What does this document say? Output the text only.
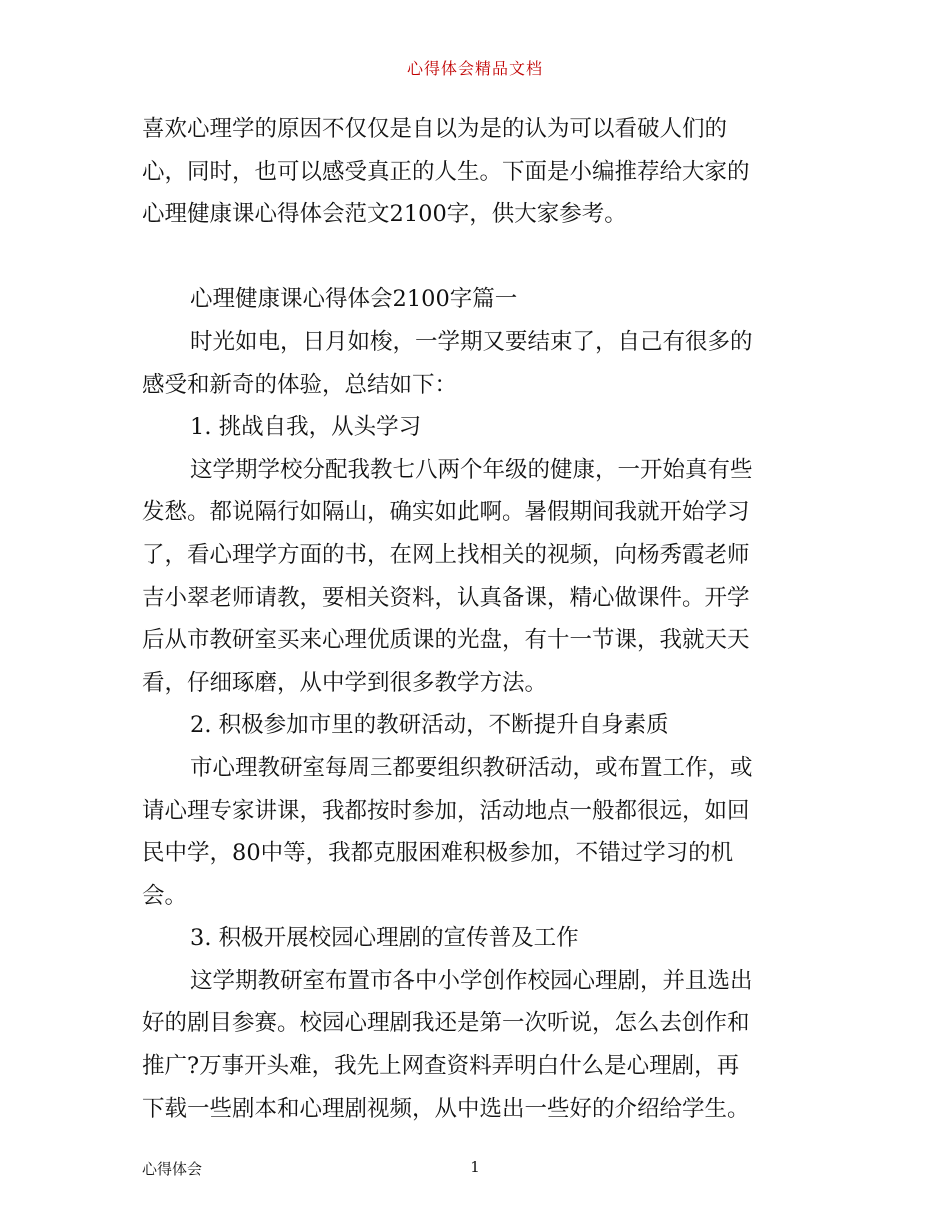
心得体会精品文档
喜欢心理学的原因不仅仅是自以为是的认为可以看破人们的
心，同时，也可以感受真正的人生。下面是小编推荐给大家的
心理健康课心得体会范文2100字，供大家参考。
心理健康课心得体会2100字篇一
时光如电，日月如梭，一学期又要结束了，自己有很多的
感受和新奇的体验，总结如下：
1. 挑战自我，从头学习
这学期学校分配我教七八两个年级的健康，一开始真有些
发愁。都说隔行如隔山，确实如此啊。暑假期间我就开始学习
了，看心理学方面的书，在网上找相关的视频，向杨秀霞老师
吉小翠老师请教，要相关资料，认真备课，精心做课件。开学
后从市教研室买来心理优质课的光盘，有十一节课，我就天天
看，仔细琢磨，从中学到很多教学方法。
2. 积极参加市里的教研活动，不断提升自身素质
市心理教研室每周三都要组织教研活动，或布置工作，或
请心理专家讲课，我都按时参加，活动地点一般都很远，如回
民中学，80中等，我都克服困难积极参加，不错过学习的机
会。
3. 积极开展校园心理剧的宣传普及工作
这学期教研室布置市各中小学创作校园心理剧，并且选出
好的剧目参赛。校园心理剧我还是第一次听说，怎么去创作和
推广?万事开头难，我先上网查资料弄明白什么是心理剧，再
下载一些剧本和心理剧视频，从中选出一些好的介绍给学生。
心得体会	1
